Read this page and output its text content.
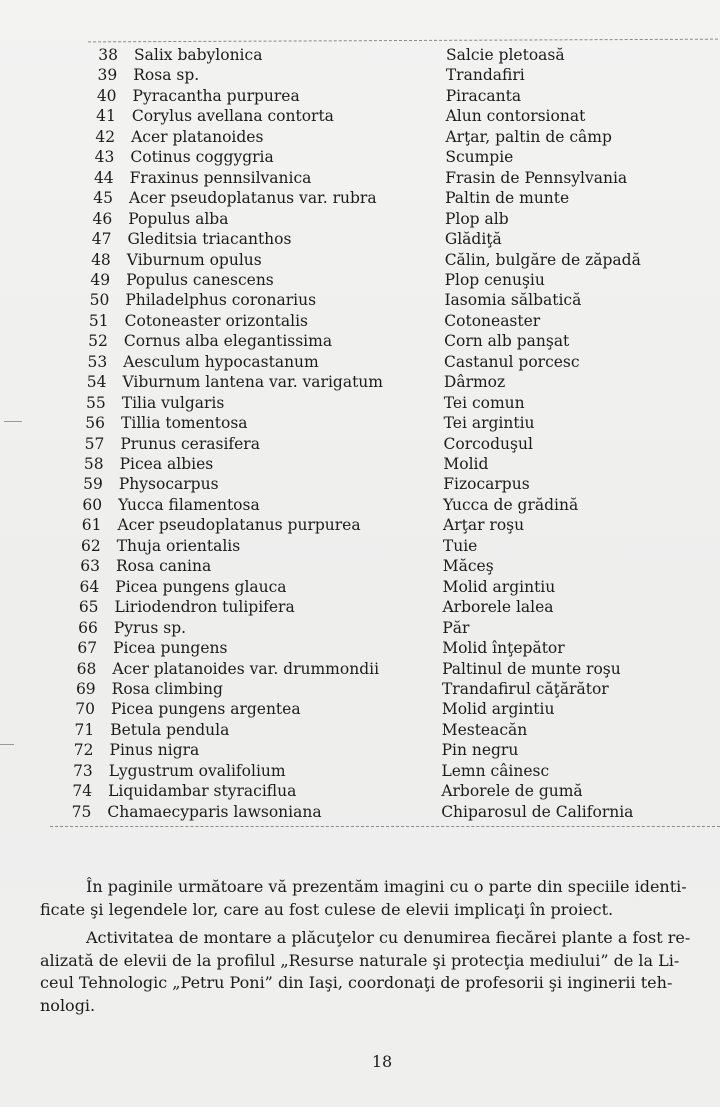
38 Salix babylonica	Salcie pletoasă
39 Rosa sp.	Trandafiri
40 Pyracantha purpurea	Piracanta
41 Corylus avellana contorta	Alun contorsionat
42 Acer platanoides	Arţar, paltin de câmp
43 Cotinus coggygria	Scumpie
44 Fraxinus pennsilvanica	Frasin de Pennsylvania
45 Acer pseudoplatanus var. rubra	Paltin de munte
46 Populus alba	Plop alb
47 Gleditsia triacanthos	Glădiţă
48 Viburnum opulus	Călin, bulgăre de zăpadă
49 Populus canescens	Plop cenuşiu
50 Philadelphus coronarius	Iasomia sălbatică
51 Cotoneaster orizontalis	Cotoneaster
52 Cornus alba elegantissima	Corn alb panşat
53 Aesculum hypocastanum	Castanul porcesc
54 Viburnum lantena var. varigatum	Dârmoz
55 Tilia vulgaris	Tei comun
56 Tillia tomentosa	Tei argintiu
57 Prunus cerasifera	Corcoduşul
58 Picea albies	Molid
59 Physocarpus	Fizocarpus
60 Yucca filamentosa	Yucca de grădină
61 Acer pseudoplatanus purpurea	Arţar roşu
62 Thuja orientalis	Tuie
63 Rosa canina	Măceş
64 Picea pungens glauca	Molid argintiu
65 Liriodendron tulipifera	Arborele lalea
66 Pyrus sp.	Păr
67 Picea pungens	Molid înţepător
68 Acer platanoides var. drummondii	Paltinul de munte roşu
69 Rosa climbing	Trandafirul căţărător
70 Picea pungens argentea	Molid argintiu
71 Betula pendula	Mesteacăn
72 Pinus nigra	Pin negru
73 Lygustrum ovalifolium	Lemn câinesc
74 Liquidambar styraciflua	Arborele de gumă
75 Chamaecyparis lawsoniana	Chiparosul de California
În paginile următoare vă prezentăm imagini cu o parte din speciile identi-
ficate şi legendele lor, care au fost culese de elevii implicaţi în proiect.
Activitatea de montare a plăcuţelor cu denumirea fiecărei plante a fost re-
alizată de elevii de la profilul „Resurse naturale şi protecţia mediului” de la Li-
ceul Tehnologic „Petru Poni” din Iaşi, coordonaţi de profesorii şi inginerii teh-
nologi.
18
